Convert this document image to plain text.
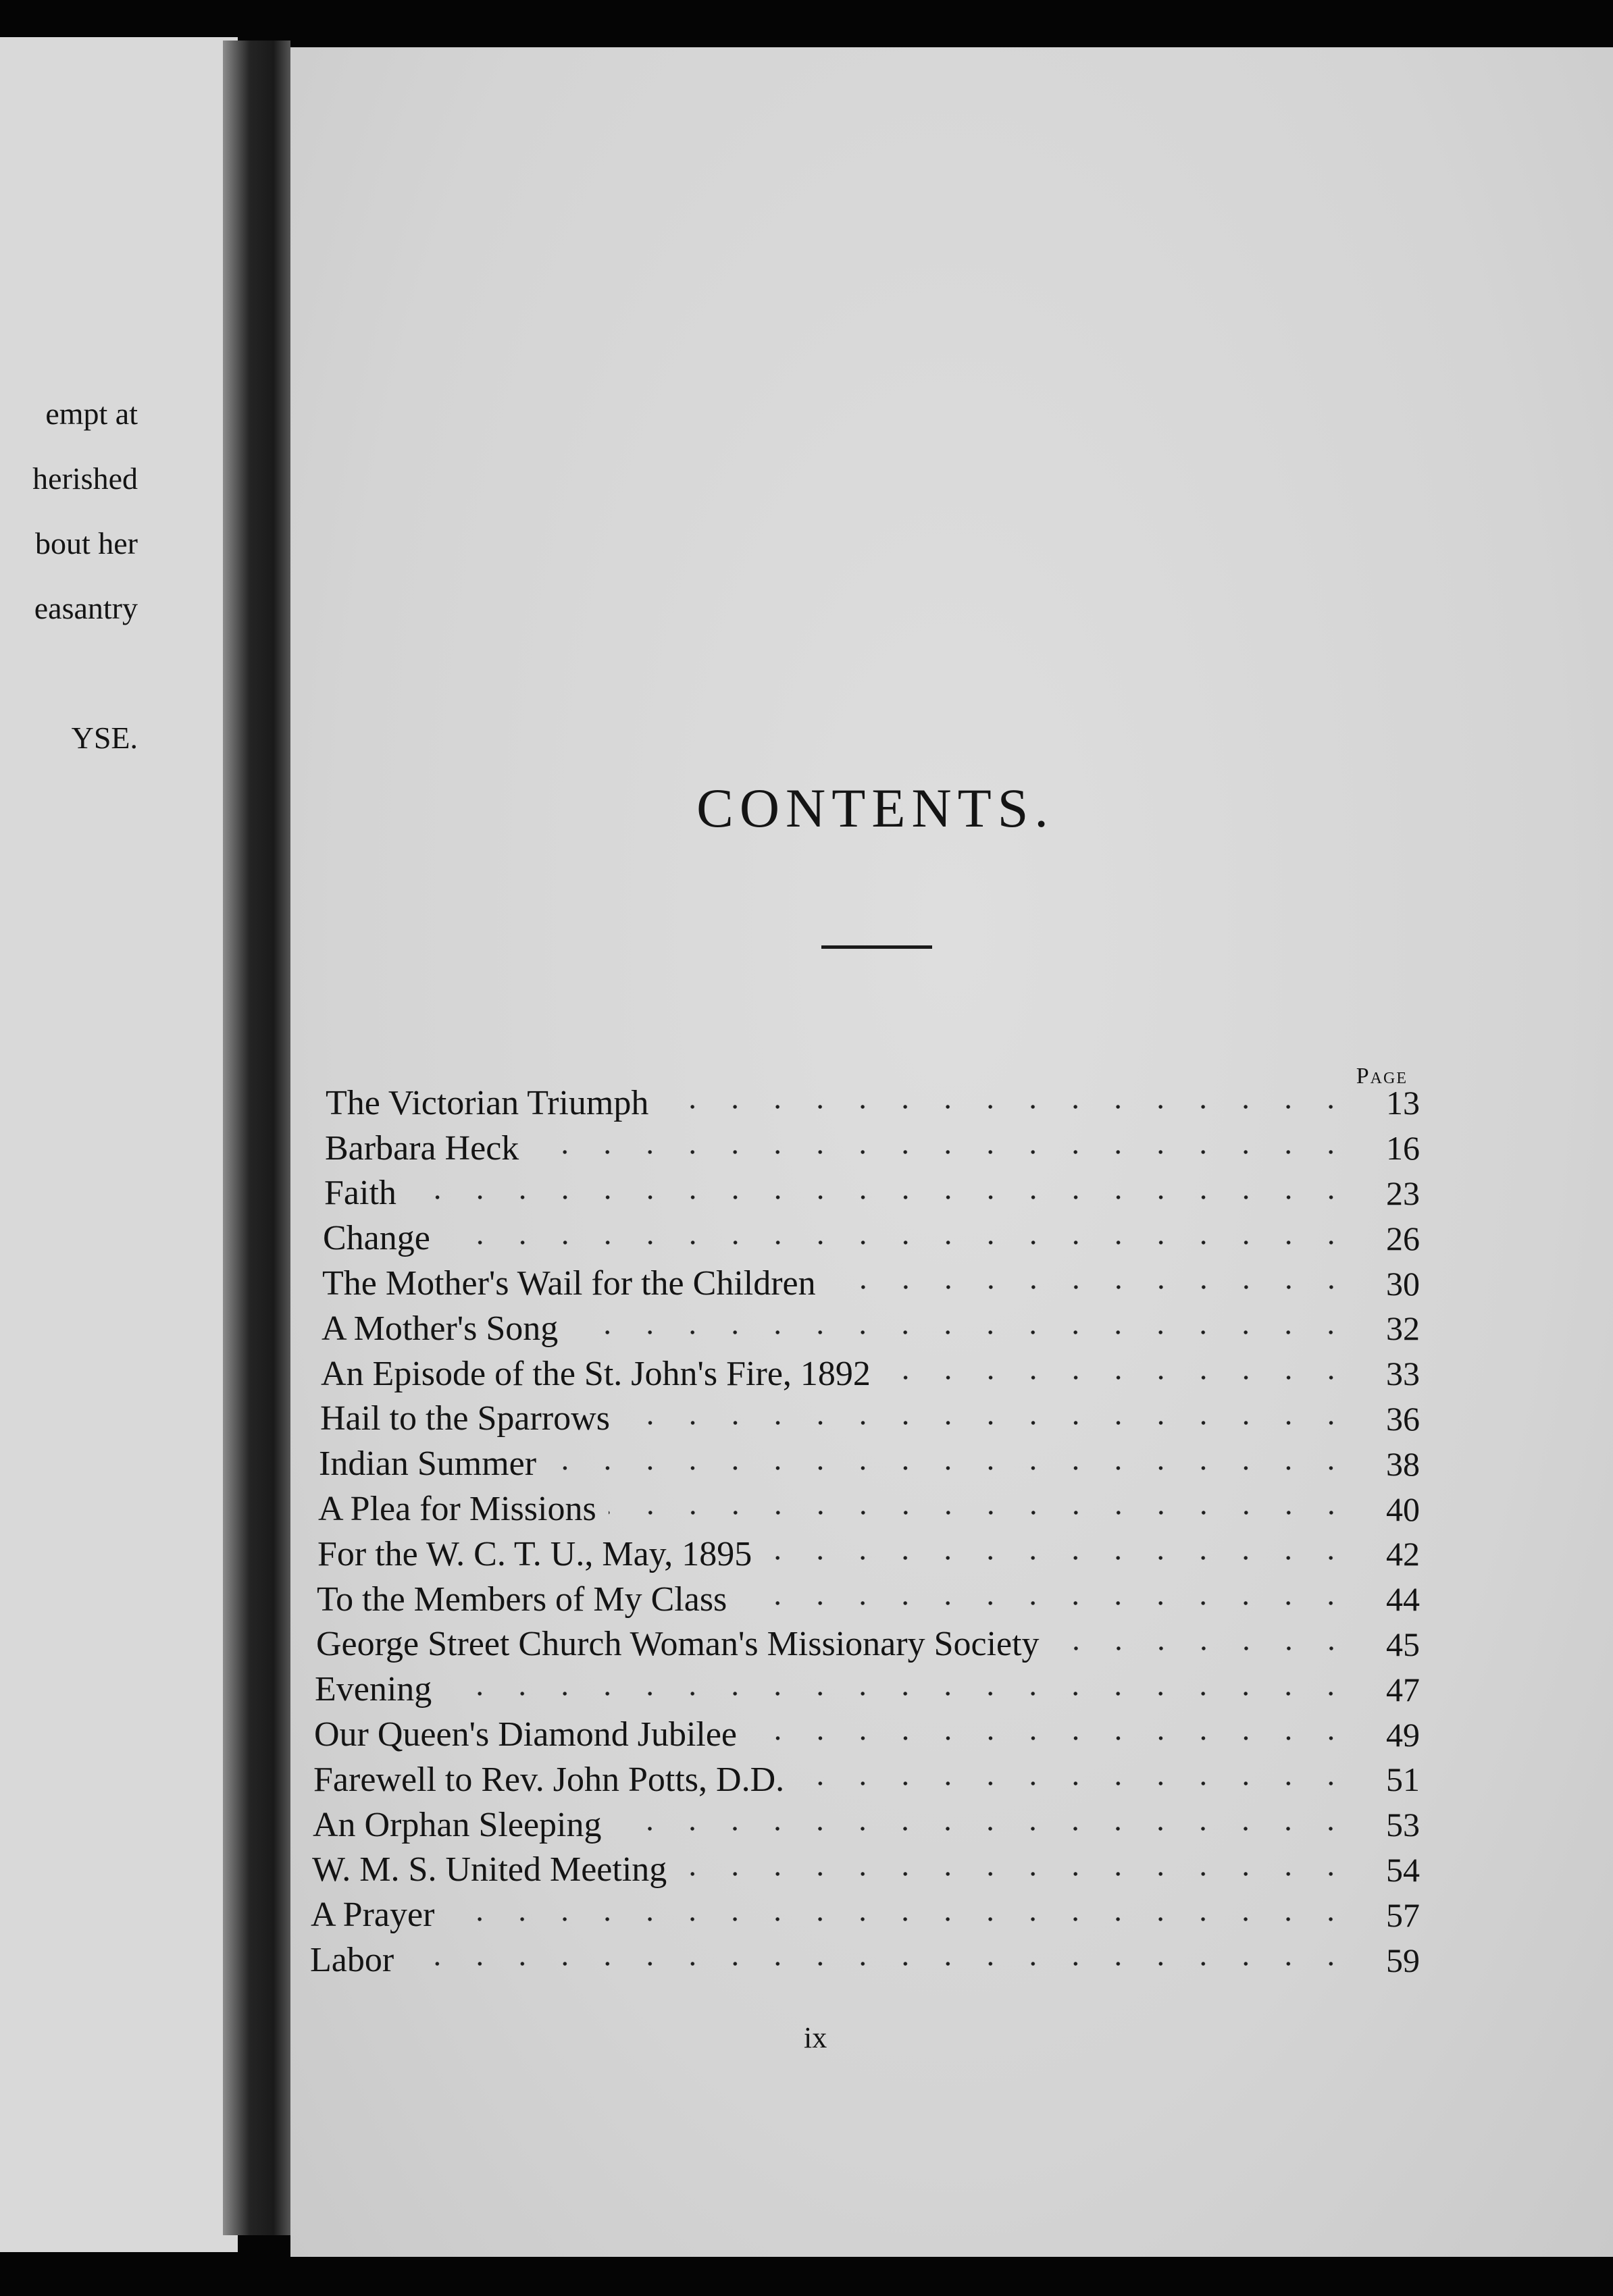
empt at
herished
bout her
easantry

YSE.
CONTENTS.
Page
The Victorian Triumph	13
Barbara Heck	16
Faith	23
Change	26
The Mother's Wail for the Children	30
A Mother's Song	32
An Episode of the St. John's Fire, 1892	33
Hail to the Sparrows	36
Indian Summer	38
A Plea for Missions	40
For the W. C. T. U., May, 1895	42
To the Members of My Class	44
George Street Church Woman's Missionary Society	45
Evening	47
Our Queen's Diamond Jubilee	49
Farewell to Rev. John Potts, D.D.	51
An Orphan Sleeping	53
W. M. S. United Meeting	54
A Prayer	57
Labor	59
ix
